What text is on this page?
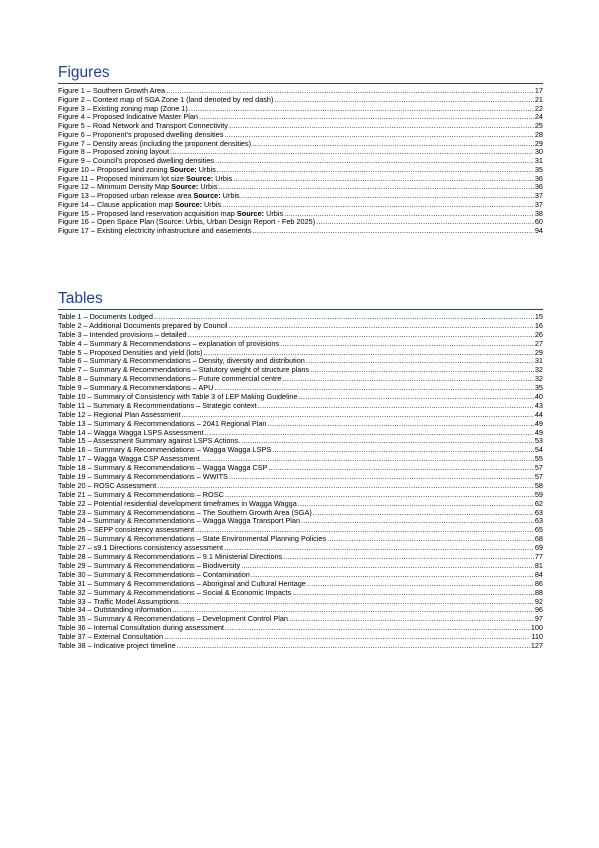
Figures
Figure 1 – Southern Growth Area .....	17
Figure 2 – Context map of SGA Zone 1 (land denoted by red dash) .....	21
Figure 3 – Existing zoning map (Zone 1) .....	22
Figure 4 – Proposed Indicative Master Plan .....	24
Figure 5 – Road Network and Transport Connectivity .....	25
Figure 6 – Proponent’s proposed dwelling densities .....	28
Figure 7 – Density areas (including the proponent densities) .....	29
Figure 8 – Proposed zoning layout .....	30
Figure 9 – Council’s proposed dwelling densities .....	31
Figure 10 – Proposed land zoning Source: Urbis .....	35
Figure 11 – Proposed minimum lot size Source: Urbis .....	36
Figure 12 – Minimum Density Map Source: Urbis .....	36
Figure 13 – Proposed urban release area Source: Urbis .....	37
Figure 14 – Clause application map Source: Urbis .....	37
Figure 15 – Proposed land reservation acquisition map Source: Urbis .....	38
Figure 16 – Open Space Plan (Source: Urbis, Urban Design Report - Feb 2025) .....	60
Figure 17 – Existing electricity infrastructure and easements .....	94
Tables
Table 1 – Documents Lodged .....	15
Table 2 – Additional Documents prepared by Council .....	16
Table 3 – Intended provisions – detailed .....	26
Table 4 – Summary & Recommendations – explanation of provisions .....	27
Table 5 – Proposed Densities and yield (lots) .....	29
Table 6 – Summary & Recommendations – Density, diversity and distribution .....	31
Table 7 – Summary & Recommendations – Statutory weight of structure plans .....	32
Table 8 – Summary & Recommendations – Future commercial centre .....	32
Table 9 – Summary & Recommendations – APU .....	35
Table 10 – Summary of Consistency with Table 3 of LEP Making Guideline .....	40
Table 11 – Summary & Recommendations – Strategic context .....	43
Table 12 – Regional Plan Assessment .....	44
Table 13 – Summary & Recommendations – 2041 Regional Plan .....	49
Table 14 – Wagga Wagga LSPS Assessment .....	49
Table 15 – Assessment Summary against LSPS Actions. .....	53
Table 16 – Summary & Recommendations – Wagga Wagga LSPS .....	54
Table 17 – Wagga Wagga CSP Assessment .....	55
Table 18 – Summary & Recommendations – Wagga Wagga CSP .....	57
Table 19 – Summary & Recommendations – WWITS .....	57
Table 20 – ROSC Assessment .....	58
Table 21 – Summary & Recommendations – ROSC .....	59
Table 22 – Potential residential development timeframes in Wagga Wagga .....	62
Table 23 – Summary & Recommendations – The Southern Growth Area (SGA) .....	63
Table 24 – Summary & Recommendations – Wagga Wagga Transport Plan .....	63
Table 25 – SEPP consistency assessment .....	65
Table 26 – Summary & Recommendations – State Environmental Planning Policies .....	68
Table 27 – s9.1 Directions consistency assessment .....	69
Table 28 – Summary & Recommendations – 9.1 Ministerial Directions .....	77
Table 29 – Summary & Recommendations – Biodiversity .....	81
Table 30 – Summary & Recommendations – Contamination .....	84
Table 31 – Summary & Recommendations – Aboriginal and Cultural Heritage .....	86
Table 32 – Summary & Recommendations – Social & Economic Impacts .....	88
Table 33 – Traffic Model Assumptions .....	92
Table 34 – Outstanding information .....	96
Table 35 – Summary & Recommendations – Development Control Plan .....	97
Table 36 – Internal Consultation during assessment .....	100
Table 37 – External Consultation .....	110
Table 38 – Indicative project timeline .....	127
